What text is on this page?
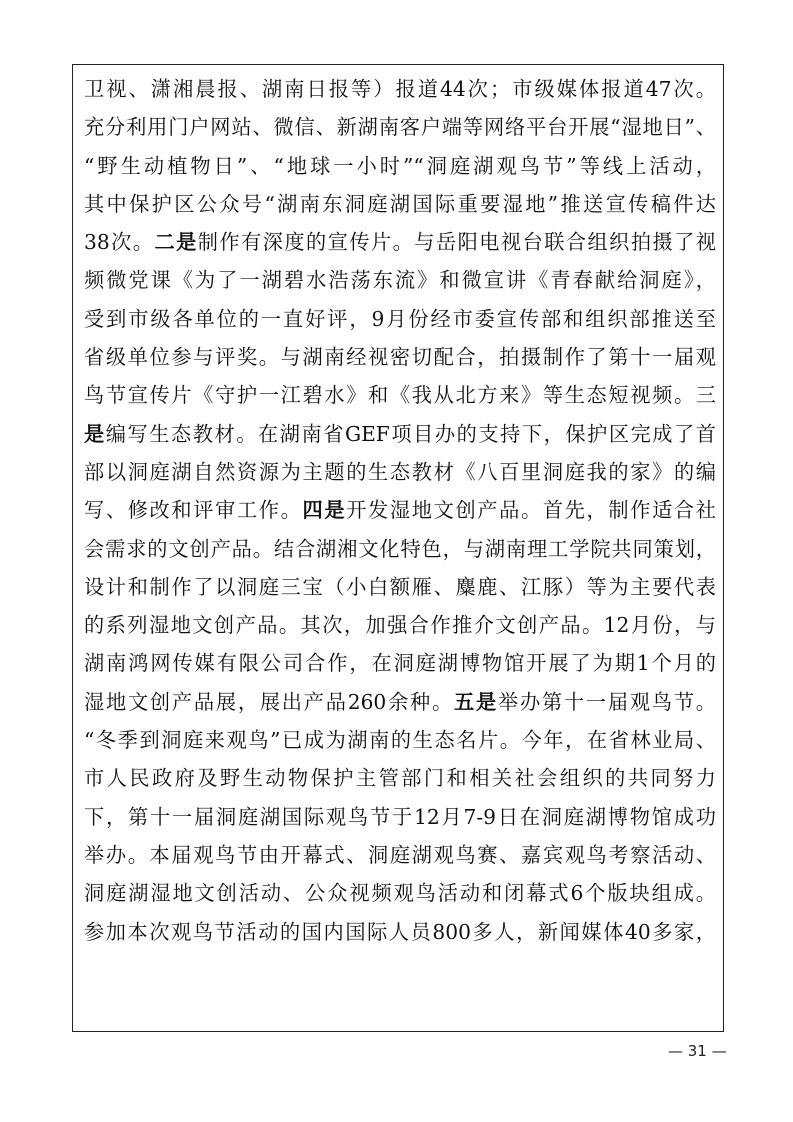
卫视、潇湘晨报、湖南日报等）报道44次；市级媒体报道47次。
充分利用门户网站、微信、新湖南客户端等网络平台开展“湿地日”、
“野生动植物日”、“地球一小时”“洞庭湖观鸟节”等线上活动，
其中保护区公众号“湖南东洞庭湖国际重要湿地”推送宣传稿件达
38次。二是制作有深度的宣传片。与岳阳电视台联合组织拍摄了视
频微党课《为了一湖碧水浩荡东流》和微宣讲《青春献给洞庭》，
受到市级各单位的一直好评，9月份经市委宣传部和组织部推送至
省级单位参与评奖。与湖南经视密切配合，拍摄制作了第十一届观
鸟节宣传片《守护一江碧水》和《我从北方来》等生态短视频。三
是编写生态教材。在湖南省GEF项目办的支持下，保护区完成了首
部以洞庭湖自然资源为主题的生态教材《八百里洞庭我的家》的编
写、修改和评审工作。四是开发湿地文创产品。首先，制作适合社
会需求的文创产品。结合湖湘文化特色，与湖南理工学院共同策划，
设计和制作了以洞庭三宝（小白额雁、麋鹿、江豚）等为主要代表
的系列湿地文创产品。其次，加强合作推介文创产品。12月份，与
湖南鸿网传媒有限公司合作，在洞庭湖博物馆开展了为期1个月的
湿地文创产品展，展出产品260余种。五是举办第十一届观鸟节。
“冬季到洞庭来观鸟”已成为湖南的生态名片。今年，在省林业局、
市人民政府及野生动物保护主管部门和相关社会组织的共同努力
下，第十一届洞庭湖国际观鸟节于12月7-9日在洞庭湖博物馆成功
举办。本届观鸟节由开幕式、洞庭湖观鸟赛、嘉宾观鸟考察活动、
洞庭湖湿地文创活动、公众视频观鸟活动和闭幕式6个版块组成。
参加本次观鸟节活动的国内国际人员800多人，新闻媒体40多家，
— 31 —
